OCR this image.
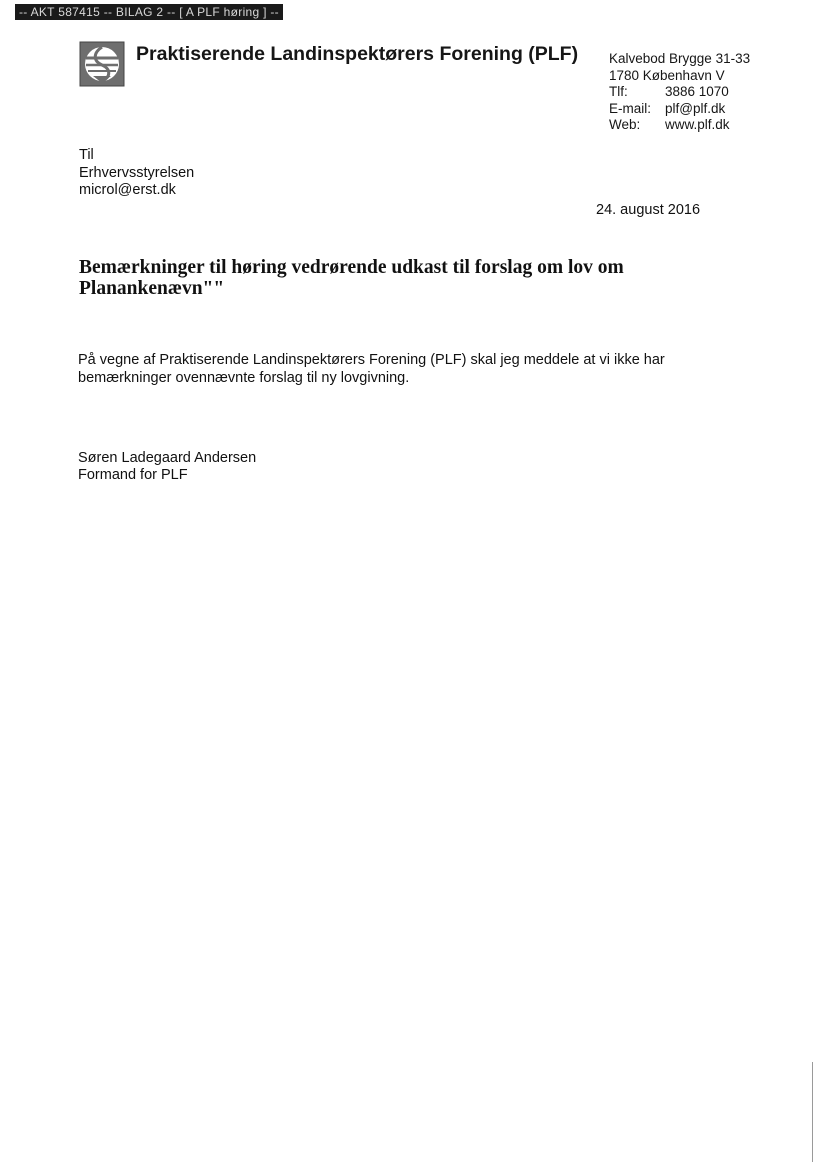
-- AKT 587415 -- BILAG 2 -- [ A PLF høring ] --
Praktiserende Landinspektørers Forening (PLF) Kalvebod Brygge 31-33
1780 København V
Tlf:	3886 1070
E-mail: plf@plf.dk
Web: www.plf.dk
Til
Erhvervsstyrelsen
microl@erst.dk
24. august 2016
Bemærkninger til høring vedrørende udkast til forslag om lov om
Planankenævn""
På vegne af Praktiserende Landinspektørers Forening (PLF) skal jeg meddele at vi ikke har
bemærkninger ovennævnte forslag til ny lovgivning.
Søren Ladegaard Andersen
Formand for PLF
